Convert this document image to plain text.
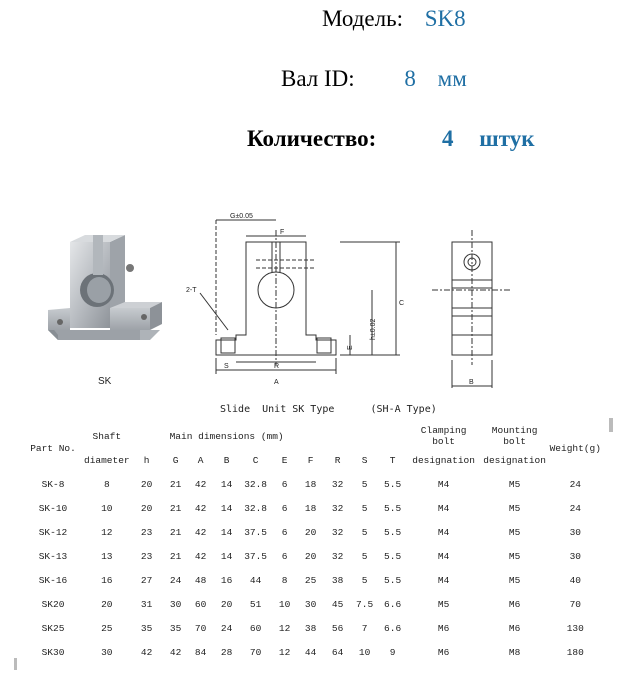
Модель: SK8
Вал ID: 8 мм
Количество:	4 штук
SK
G±0.05
F
2-T
C
h±0.02
E
S	R
A	B
Slide  Unit SK Type      (SH-A Type)
Part No.	Shaft	Main dimensions (mm)										Clamping bolt	Mounting bolt	Weight(g)
	diameter	h	G	A	B	C	E	F	R	S	T	designation	designation	
SK-8	8	20	21	42	14	32.8	6	18	32	5	5.5	M4	M5	24
SK-10	10	20	21	42	14	32.8	6	18	32	5	5.5	M4	M5	24
SK-12	12	23	21	42	14	37.5	6	20	32	5	5.5	M4	M5	30
SK-13	13	23	21	42	14	37.5	6	20	32	5	5.5	M4	M5	30
SK-16	16	27	24	48	16	44	8	25	38	5	5.5	M4	M5	40
SK20	20	31	30	60	20	51	10	30	45	7.5	6.6	M5	M6	70
SK25	25	35	35	70	24	60	12	38	56	7	6.6	M6	M6	130
SK30	30	42	42	84	28	70	12	44	64	10	9	M6	M8	180
